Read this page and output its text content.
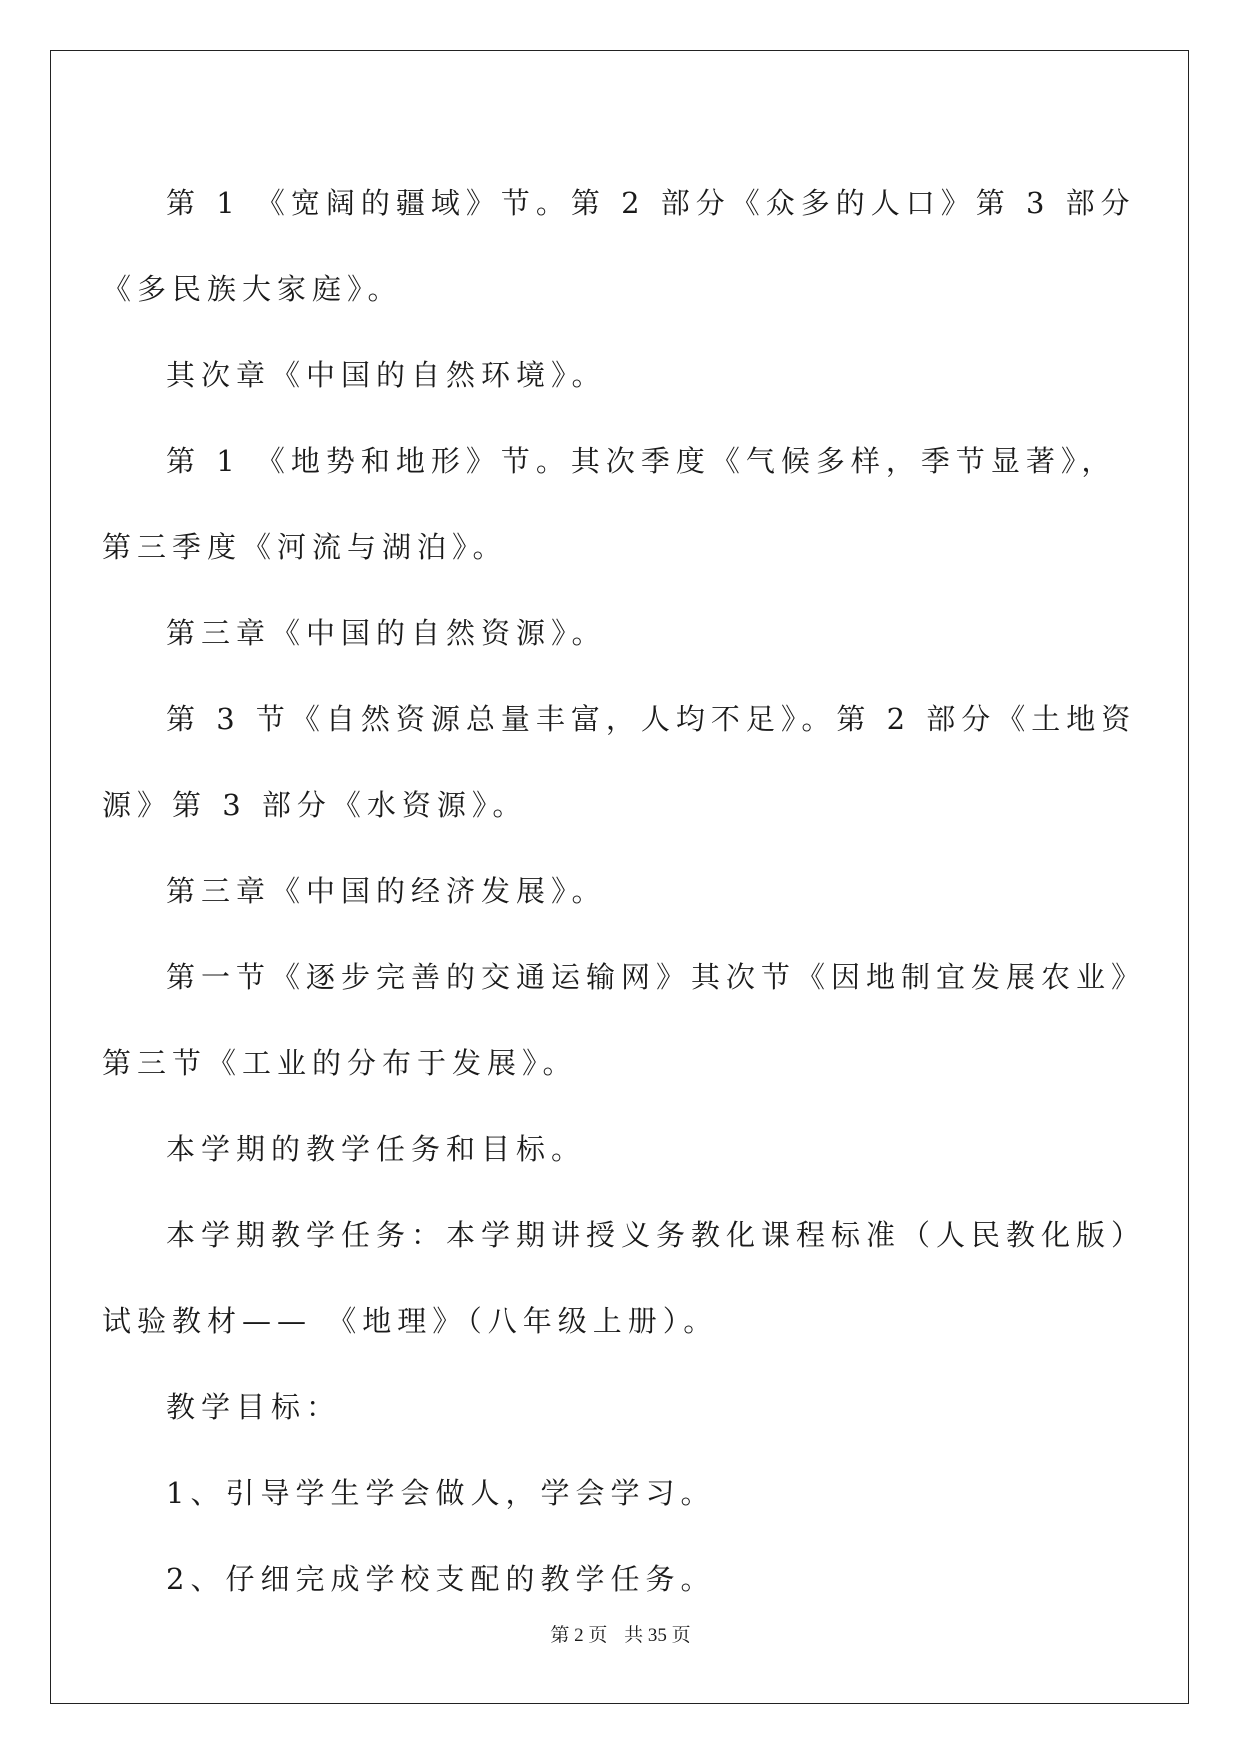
第 1 《宽阔的疆域》节。第 2 部分《众多的人口》第 3 部分《多民族大家庭》。

其次章《中国的自然环境》。

第 1 《地势和地形》节。其次季度《气候多样，季节显著》，第三季度《河流与湖泊》。

第三章《中国的自然资源》。

第 3 节《自然资源总量丰富，人均不足》。第 2 部分《土地资源》第 3 部分《水资源》。

第三章《中国的经济发展》。

第一节《逐步完善的交通运输网》其次节《因地制宜发展农业》第三节《工业的分布于发展》。

本学期的教学任务和目标。

本学期教学任务：本学期讲授义务教化课程标准（人民教化版）试验教材—— 《地理》（八年级上册）。

教学目标：

1、引导学生学会做人，学会学习。

2、仔细完成学校支配的教学任务。

第 2 页 共 35 页
